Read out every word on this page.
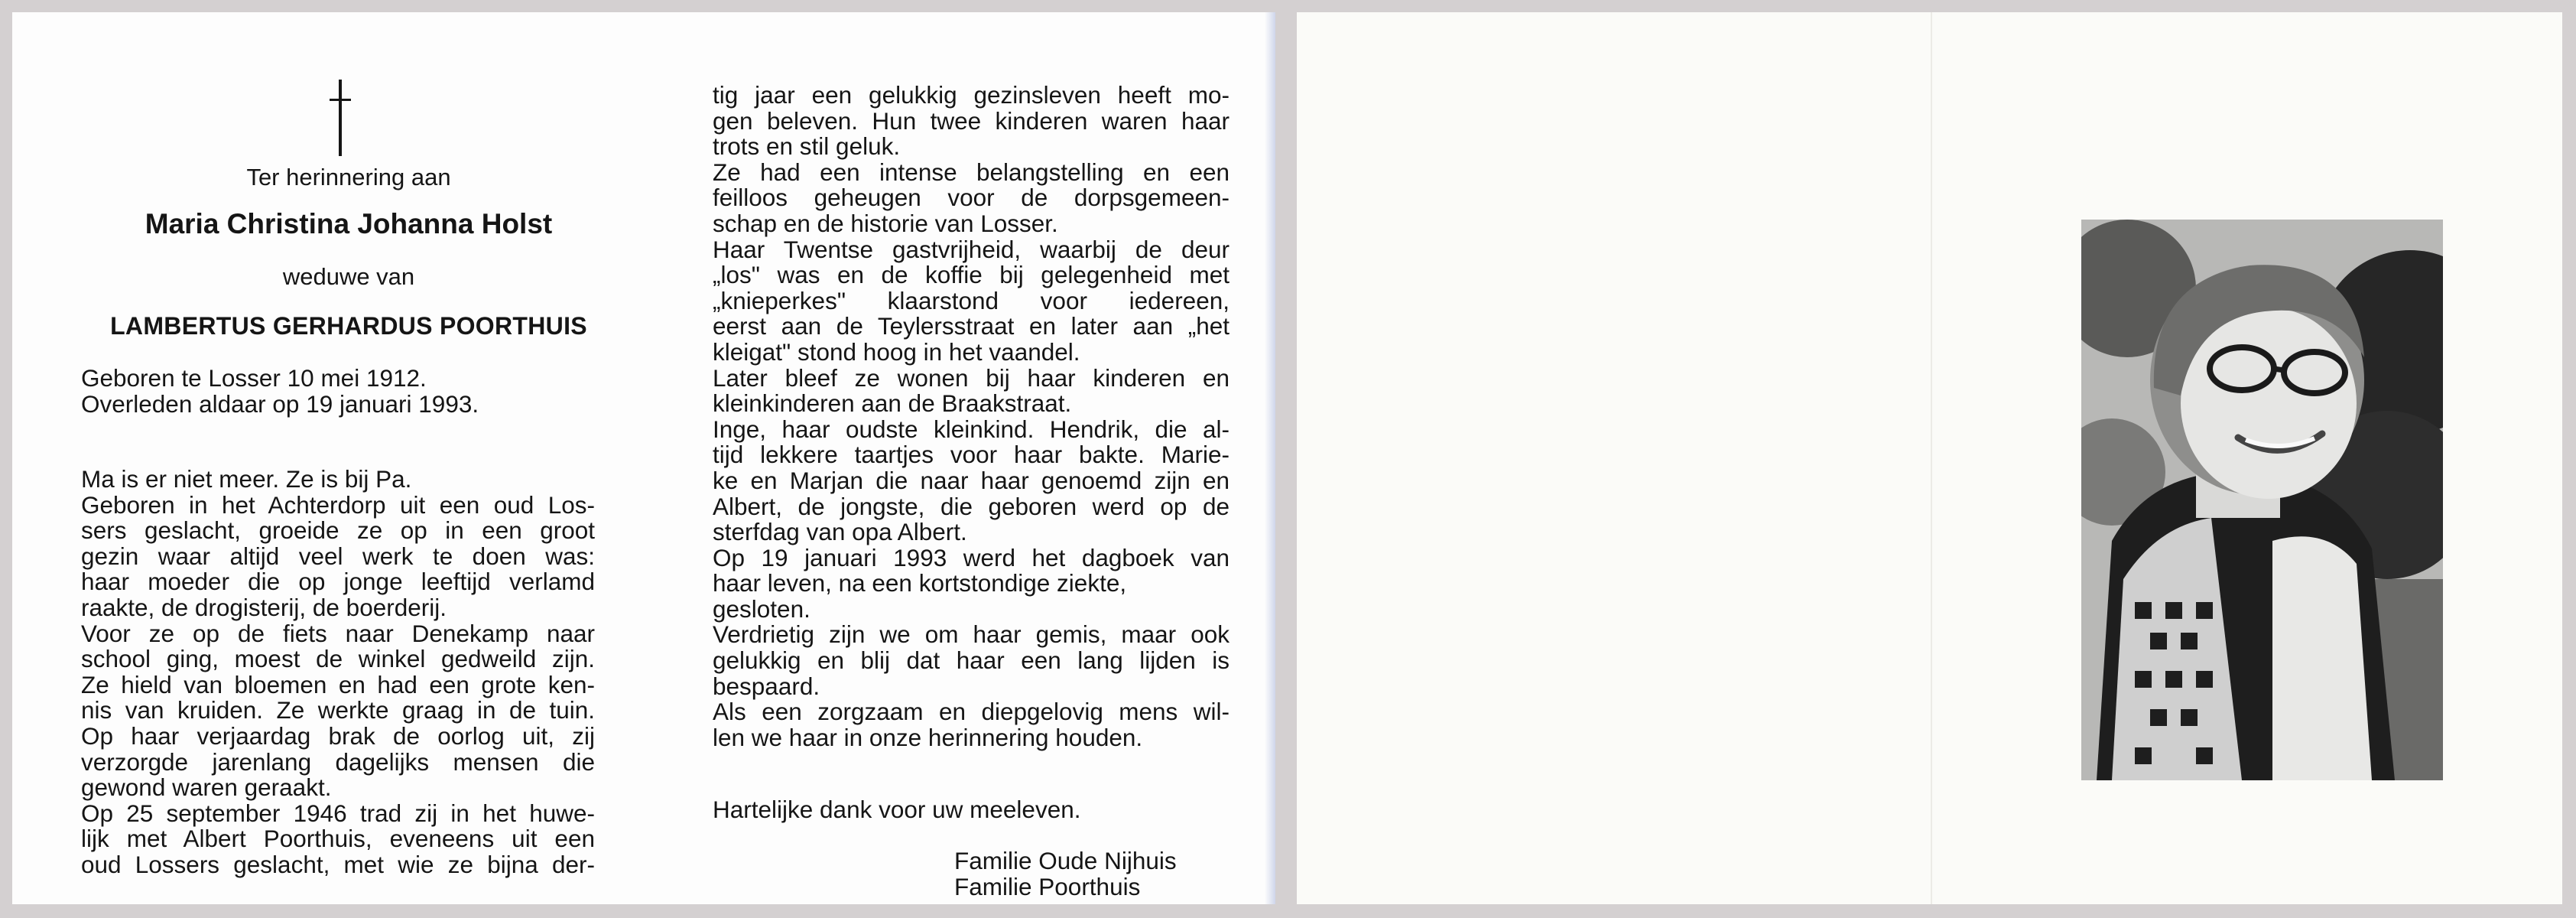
Ter herinnering aan
Maria Christina Johanna Holst
weduwe van
LAMBERTUS GERHARDUS POORTHUIS
Geboren te Losser 10 mei 1912.
Overleden aldaar op 19 januari 1993.
Ma is er niet meer. Ze is bij Pa.
Geboren in het Achterdorp uit een oud Los-
sers geslacht, groeide ze op in een groot
gezin waar altijd veel werk te doen was:
haar moeder die op jonge leeftijd verlamd
raakte, de drogisterij, de boerderij.
Voor ze op de fiets naar Denekamp naar
school ging, moest de winkel gedweild zijn.
Ze hield van bloemen en had een grote ken-
nis van kruiden. Ze werkte graag in de tuin.
Op haar verjaardag brak de oorlog uit, zij
verzorgde jarenlang dagelijks mensen die
gewond waren geraakt.
Op 25 september 1946 trad zij in het huwe-
lijk met Albert Poorthuis, eveneens uit een
oud Lossers geslacht, met wie ze bijna der-
tig jaar een gelukkig gezinsleven heeft mo-
gen beleven. Hun twee kinderen waren haar
trots en stil geluk.
Ze had een intense belangstelling en een
feilloos geheugen voor de dorpsgemeen-
schap en de historie van Losser.
Haar Twentse gastvrijheid, waarbij de deur
„los" was en de koffie bij gelegenheid met
„knieperkes" klaarstond voor iedereen,
eerst aan de Teylersstraat en later aan „het
kleigat" stond hoog in het vaandel.
Later bleef ze wonen bij haar kinderen en
kleinkinderen aan de Braakstraat.
Inge, haar oudste kleinkind. Hendrik, die al-
tijd lekkere taartjes voor haar bakte. Marie-
ke en Marjan die naar haar genoemd zijn en
Albert, de jongste, die geboren werd op de
sterfdag van opa Albert.
Op 19 januari 1993 werd het dagboek van
haar leven, na een kortstondige ziekte,
gesloten.
Verdrietig zijn we om haar gemis, maar ook
gelukkig en blij dat haar een lang lijden is
bespaard.
Als een zorgzaam en diepgelovig mens wil-
len we haar in onze herinnering houden.
Hartelijke dank voor uw meeleven.
Familie Oude Nijhuis
Familie Poorthuis
